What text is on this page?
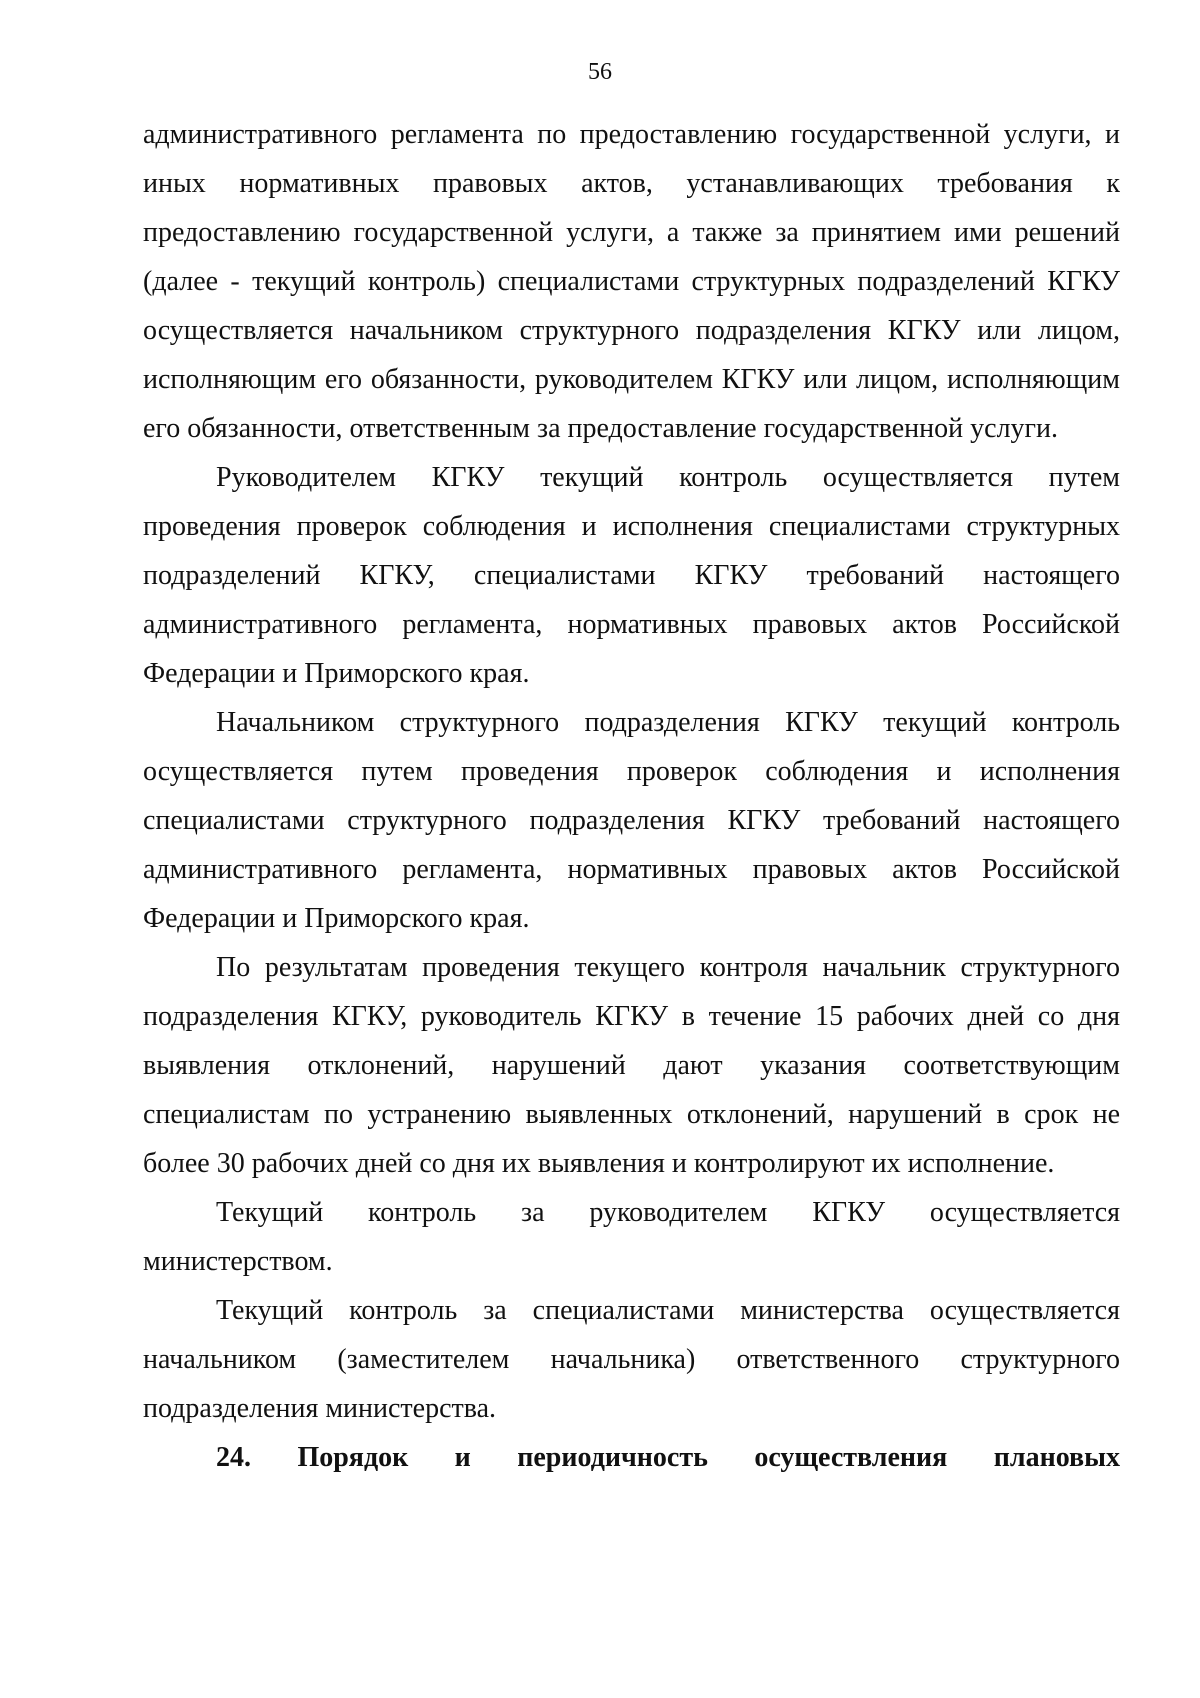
56

административного регламента по предоставлению государственной услуги, и иных нормативных правовых актов, устанавливающих требования к предоставлению государственной услуги, а также за принятием ими решений (далее - текущий контроль) специалистами структурных подразделений КГКУ осуществляется начальником структурного подразделения КГКУ или лицом, исполняющим его обязанности, руководителем КГКУ или лицом, исполняющим его обязанности, ответственным за предоставление государственной услуги.

Руководителем КГКУ текущий контроль осуществляется путем проведения проверок соблюдения и исполнения специалистами структурных подразделений КГКУ, специалистами КГКУ требований настоящего административного регламента, нормативных правовых актов Российской Федерации и Приморского края.

Начальником структурного подразделения КГКУ текущий контроль осуществляется путем проведения проверок соблюдения и исполнения специалистами структурного подразделения КГКУ требований настоящего административного регламента, нормативных правовых актов Российской Федерации и Приморского края.

По результатам проведения текущего контроля начальник структурного подразделения КГКУ, руководитель КГКУ в течение 15 рабочих дней со дня выявления отклонений, нарушений дают указания соответствующим специалистам по устранению выявленных отклонений, нарушений в срок не более 30 рабочих дней со дня их выявления и контролируют их исполнение.

Текущий контроль за руководителем КГКУ осуществляется министерством.

Текущий контроль за специалистами министерства осуществляется начальником (заместителем начальника) ответственного структурного подразделения министерства.

24. Порядок и периодичность осуществления плановых
